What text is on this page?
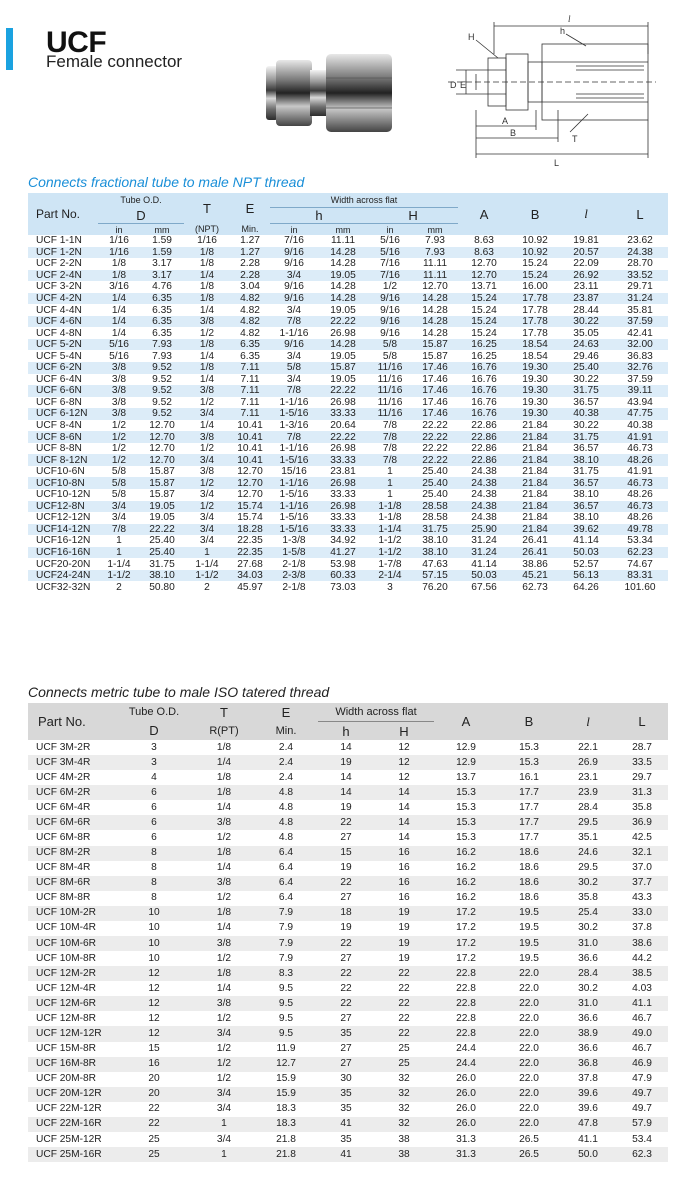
UCF
Female connector
l
H
h
D E
A
T
B
L
Connects fractional tube to male NPT thread
Part No.	Tube O.D.		T	E	Width across flat				A	B	l	L
	D				h		H					
	in	mm	(NPT)	Min.	in	mm	in	mm				
UCF 1-1N	1/16	1.59	1/16	1.27	7/16	11.11	5/16	7.93	8.63	10.92	19.81	23.62
UCF 1-2N	1/16	1.59	1/8	1.27	9/16	14.28	5/16	7.93	8.63	10.92	20.57	24.38
UCF 2-2N	1/8	3.17	1/8	2.28	9/16	14.28	7/16	11.11	12.70	15.24	22.09	28.70
UCF 2-4N	1/8	3.17	1/4	2.28	3/4	19.05	7/16	11.11	12.70	15.24	26.92	33.52
UCF 3-2N	3/16	4.76	1/8	3.04	9/16	14.28	1/2	12.70	13.71	16.00	23.11	29.71
UCF 4-2N	1/4	6.35	1/8	4.82	9/16	14.28	9/16	14.28	15.24	17.78	23.87	31.24
UCF 4-4N	1/4	6.35	1/4	4.82	3/4	19.05	9/16	14.28	15.24	17.78	28.44	35.81
UCF 4-6N	1/4	6.35	3/8	4.82	7/8	22.22	9/16	14.28	15.24	17.78	30.22	37.59
UCF 4-8N	1/4	6.35	1/2	4.82	1-1/16	26.98	9/16	14.28	15.24	17.78	35.05	42.41
UCF 5-2N	5/16	7.93	1/8	6.35	9/16	14.28	5/8	15.87	16.25	18.54	24.63	32.00
UCF 5-4N	5/16	7.93	1/4	6.35	3/4	19.05	5/8	15.87	16.25	18.54	29.46	36.83
UCF 6-2N	3/8	9.52	1/8	7.11	5/8	15.87	11/16	17.46	16.76	19.30	25.40	32.76
UCF 6-4N	3/8	9.52	1/4	7.11	3/4	19.05	11/16	17.46	16.76	19.30	30.22	37.59
UCF 6-6N	3/8	9.52	3/8	7.11	7/8	22.22	11/16	17.46	16.76	19.30	31.75	39.11
UCF 6-8N	3/8	9.52	1/2	7.11	1-1/16	26.98	11/16	17.46	16.76	19.30	36.57	43.94
UCF 6-12N	3/8	9.52	3/4	7.11	1-5/16	33.33	11/16	17.46	16.76	19.30	40.38	47.75
UCF 8-4N	1/2	12.70	1/4	10.41	1-3/16	20.64	7/8	22.22	22.86	21.84	30.22	40.38
UCF 8-6N	1/2	12.70	3/8	10.41	7/8	22.22	7/8	22.22	22.86	21.84	31.75	41.91
UCF 8-8N	1/2	12.70	1/2	10.41	1-1/16	26.98	7/8	22.22	22.86	21.84	36.57	46.73
UCF 8-12N	1/2	12.70	3/4	10.41	1-5/16	33.33	7/8	22.22	22.86	21.84	38.10	48.26
UCF10-6N	5/8	15.87	3/8	12.70	15/16	23.81	1	25.40	24.38	21.84	31.75	41.91
UCF10-8N	5/8	15.87	1/2	12.70	1-1/16	26.98	1	25.40	24.38	21.84	36.57	46.73
UCF10-12N	5/8	15.87	3/4	12.70	1-5/16	33.33	1	25.40	24.38	21.84	38.10	48.26
UCF12-8N	3/4	19.05	1/2	15.74	1-1/16	26.98	1-1/8	28.58	24.38	21.84	36.57	46.73
UCF12-12N	3/4	19.05	3/4	15.74	1-5/16	33.33	1-1/8	28.58	24.38	21.84	38.10	48.26
UCF14-12N	7/8	22.22	3/4	18.28	1-5/16	33.33	1-1/4	31.75	25.90	21.84	39.62	49.78
UCF16-12N	1	25.40	3/4	22.35	1-3/8	34.92	1-1/2	38.10	31.24	26.41	41.14	53.34
UCF16-16N	1	25.40	1	22.35	1-5/8	41.27	1-1/2	38.10	31.24	26.41	50.03	62.23
UCF20-20N	1-1/4	31.75	1-1/4	27.68	2-1/8	53.98	1-7/8	47.63	41.14	38.86	52.57	74.67
UCF24-24N	1-1/2	38.10	1-1/2	34.03	2-3/8	60.33	2-1/4	57.15	50.03	45.21	56.13	83.31
UCF32-32N	2	50.80	2	45.97	2-1/8	73.03	3	76.20	67.56	62.73	64.26	101.60
Connects metric tube to male ISO tatered thread
Part No.	Tube O.D.	T	E	Width across flat		A	B	l	L
	D	R(PT)	Min.	h	H				
UCF 3M-2R	3	1/8	2.4	14	12	12.9	15.3	22.1	28.7
UCF 3M-4R	3	1/4	2.4	19	12	12.9	15.3	26.9	33.5
UCF 4M-2R	4	1/8	2.4	14	12	13.7	16.1	23.1	29.7
UCF 6M-2R	6	1/8	4.8	14	14	15.3	17.7	23.9	31.3
UCF 6M-4R	6	1/4	4.8	19	14	15.3	17.7	28.4	35.8
UCF 6M-6R	6	3/8	4.8	22	14	15.3	17.7	29.5	36.9
UCF 6M-8R	6	1/2	4.8	27	14	15.3	17.7	35.1	42.5
UCF 8M-2R	8	1/8	6.4	15	16	16.2	18.6	24.6	32.1
UCF 8M-4R	8	1/4	6.4	19	16	16.2	18.6	29.5	37.0
UCF 8M-6R	8	3/8	6.4	22	16	16.2	18.6	30.2	37.7
UCF 8M-8R	8	1/2	6.4	27	16	16.2	18.6	35.8	43.3
UCF 10M-2R	10	1/8	7.9	18	19	17.2	19.5	25.4	33.0
UCF 10M-4R	10	1/4	7.9	19	19	17.2	19.5	30.2	37.8
UCF 10M-6R	10	3/8	7.9	22	19	17.2	19.5	31.0	38.6
UCF 10M-8R	10	1/2	7.9	27	19	17.2	19.5	36.6	44.2
UCF 12M-2R	12	1/8	8.3	22	22	22.8	22.0	28.4	38.5
UCF 12M-4R	12	1/4	9.5	22	22	22.8	22.0	30.2	4.03
UCF 12M-6R	12	3/8	9.5	22	22	22.8	22.0	31.0	41.1
UCF 12M-8R	12	1/2	9.5	27	22	22.8	22.0	36.6	46.7
UCF 12M-12R	12	3/4	9.5	35	22	22.8	22.0	38.9	49.0
UCF 15M-8R	15	1/2	11.9	27	25	24.4	22.0	36.6	46.7
UCF 16M-8R	16	1/2	12.7	27	25	24.4	22.0	36.8	46.9
UCF 20M-8R	20	1/2	15.9	30	32	26.0	22.0	37.8	47.9
UCF 20M-12R	20	3/4	15.9	35	32	26.0	22.0	39.6	49.7
UCF 22M-12R	22	3/4	18.3	35	32	26.0	22.0	39.6	49.7
UCF 22M-16R	22	1	18.3	41	32	26.0	22.0	47.8	57.9
UCF 25M-12R	25	3/4	21.8	35	38	31.3	26.5	41.1	53.4
UCF 25M-16R	25	1	21.8	41	38	31.3	26.5	50.0	62.3
